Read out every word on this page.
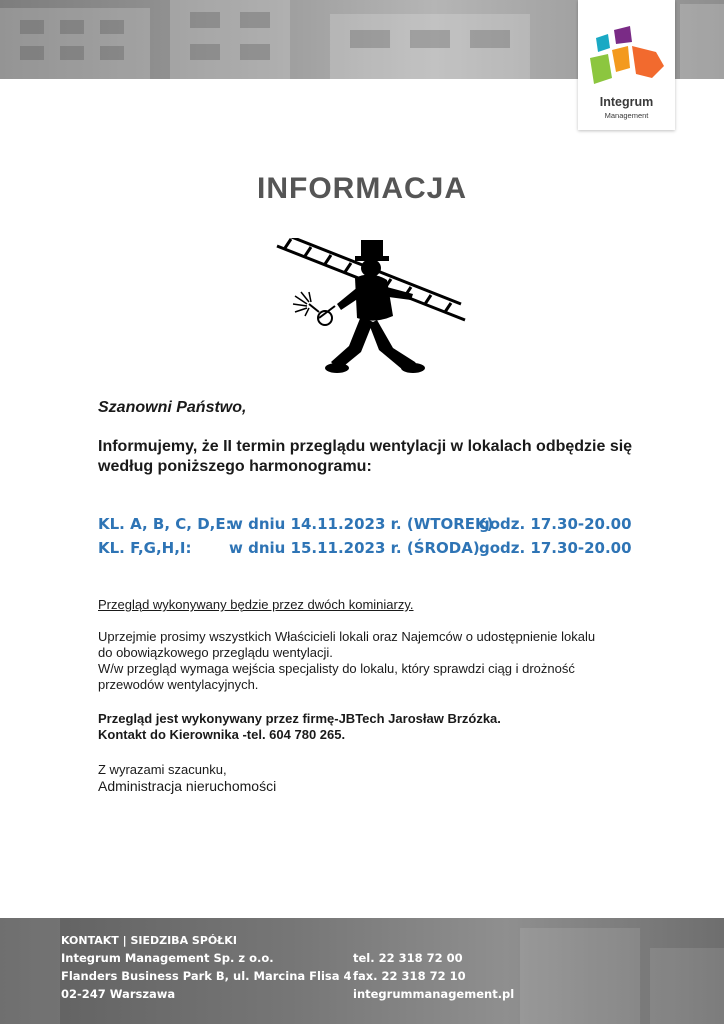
Integrum
Management
INFORMACJA
Szanowni Państwo,
Informujemy, że II termin przeglądu wentylacji w lokalach odbędzie się według poniższego harmonogramu:
KL. A, B, C, D,E:
w dniu 14.11.2023 r. (WTOREK)
godz. 17.30-20.00
KL. F,G,H,I:	w dniu 15.11.2023 r. (ŚRODA) godz. 17.30-20.00
Przegląd wykonywany będzie przez dwóch kominiarzy.
Uprzejmie prosimy wszystkich Właścicieli lokali oraz Najemców o udostępnienie lokalu
do obowiązkowego przeglądu wentylacji.
W/w przegląd wymaga wejścia specjalisty do lokalu, który sprawdzi ciąg i drożność
przewodów wentylacyjnych.
Przegląd jest wykonywany przez firmę-JBTech Jarosław Brzózka.
Kontakt do Kierownika -tel. 604 780 265.
Z wyrazami szacunku,
Administracja nieruchomości
KONTAKT | SIEDZIBA SPÓŁKI
Integrum Management Sp. z o.o.
Flanders Business Park B, ul. Marcina Flisa 4
02-247 Warszawa
tel. 22 318 72 00
fax. 22 318 72 10
integrummanagement.pl
